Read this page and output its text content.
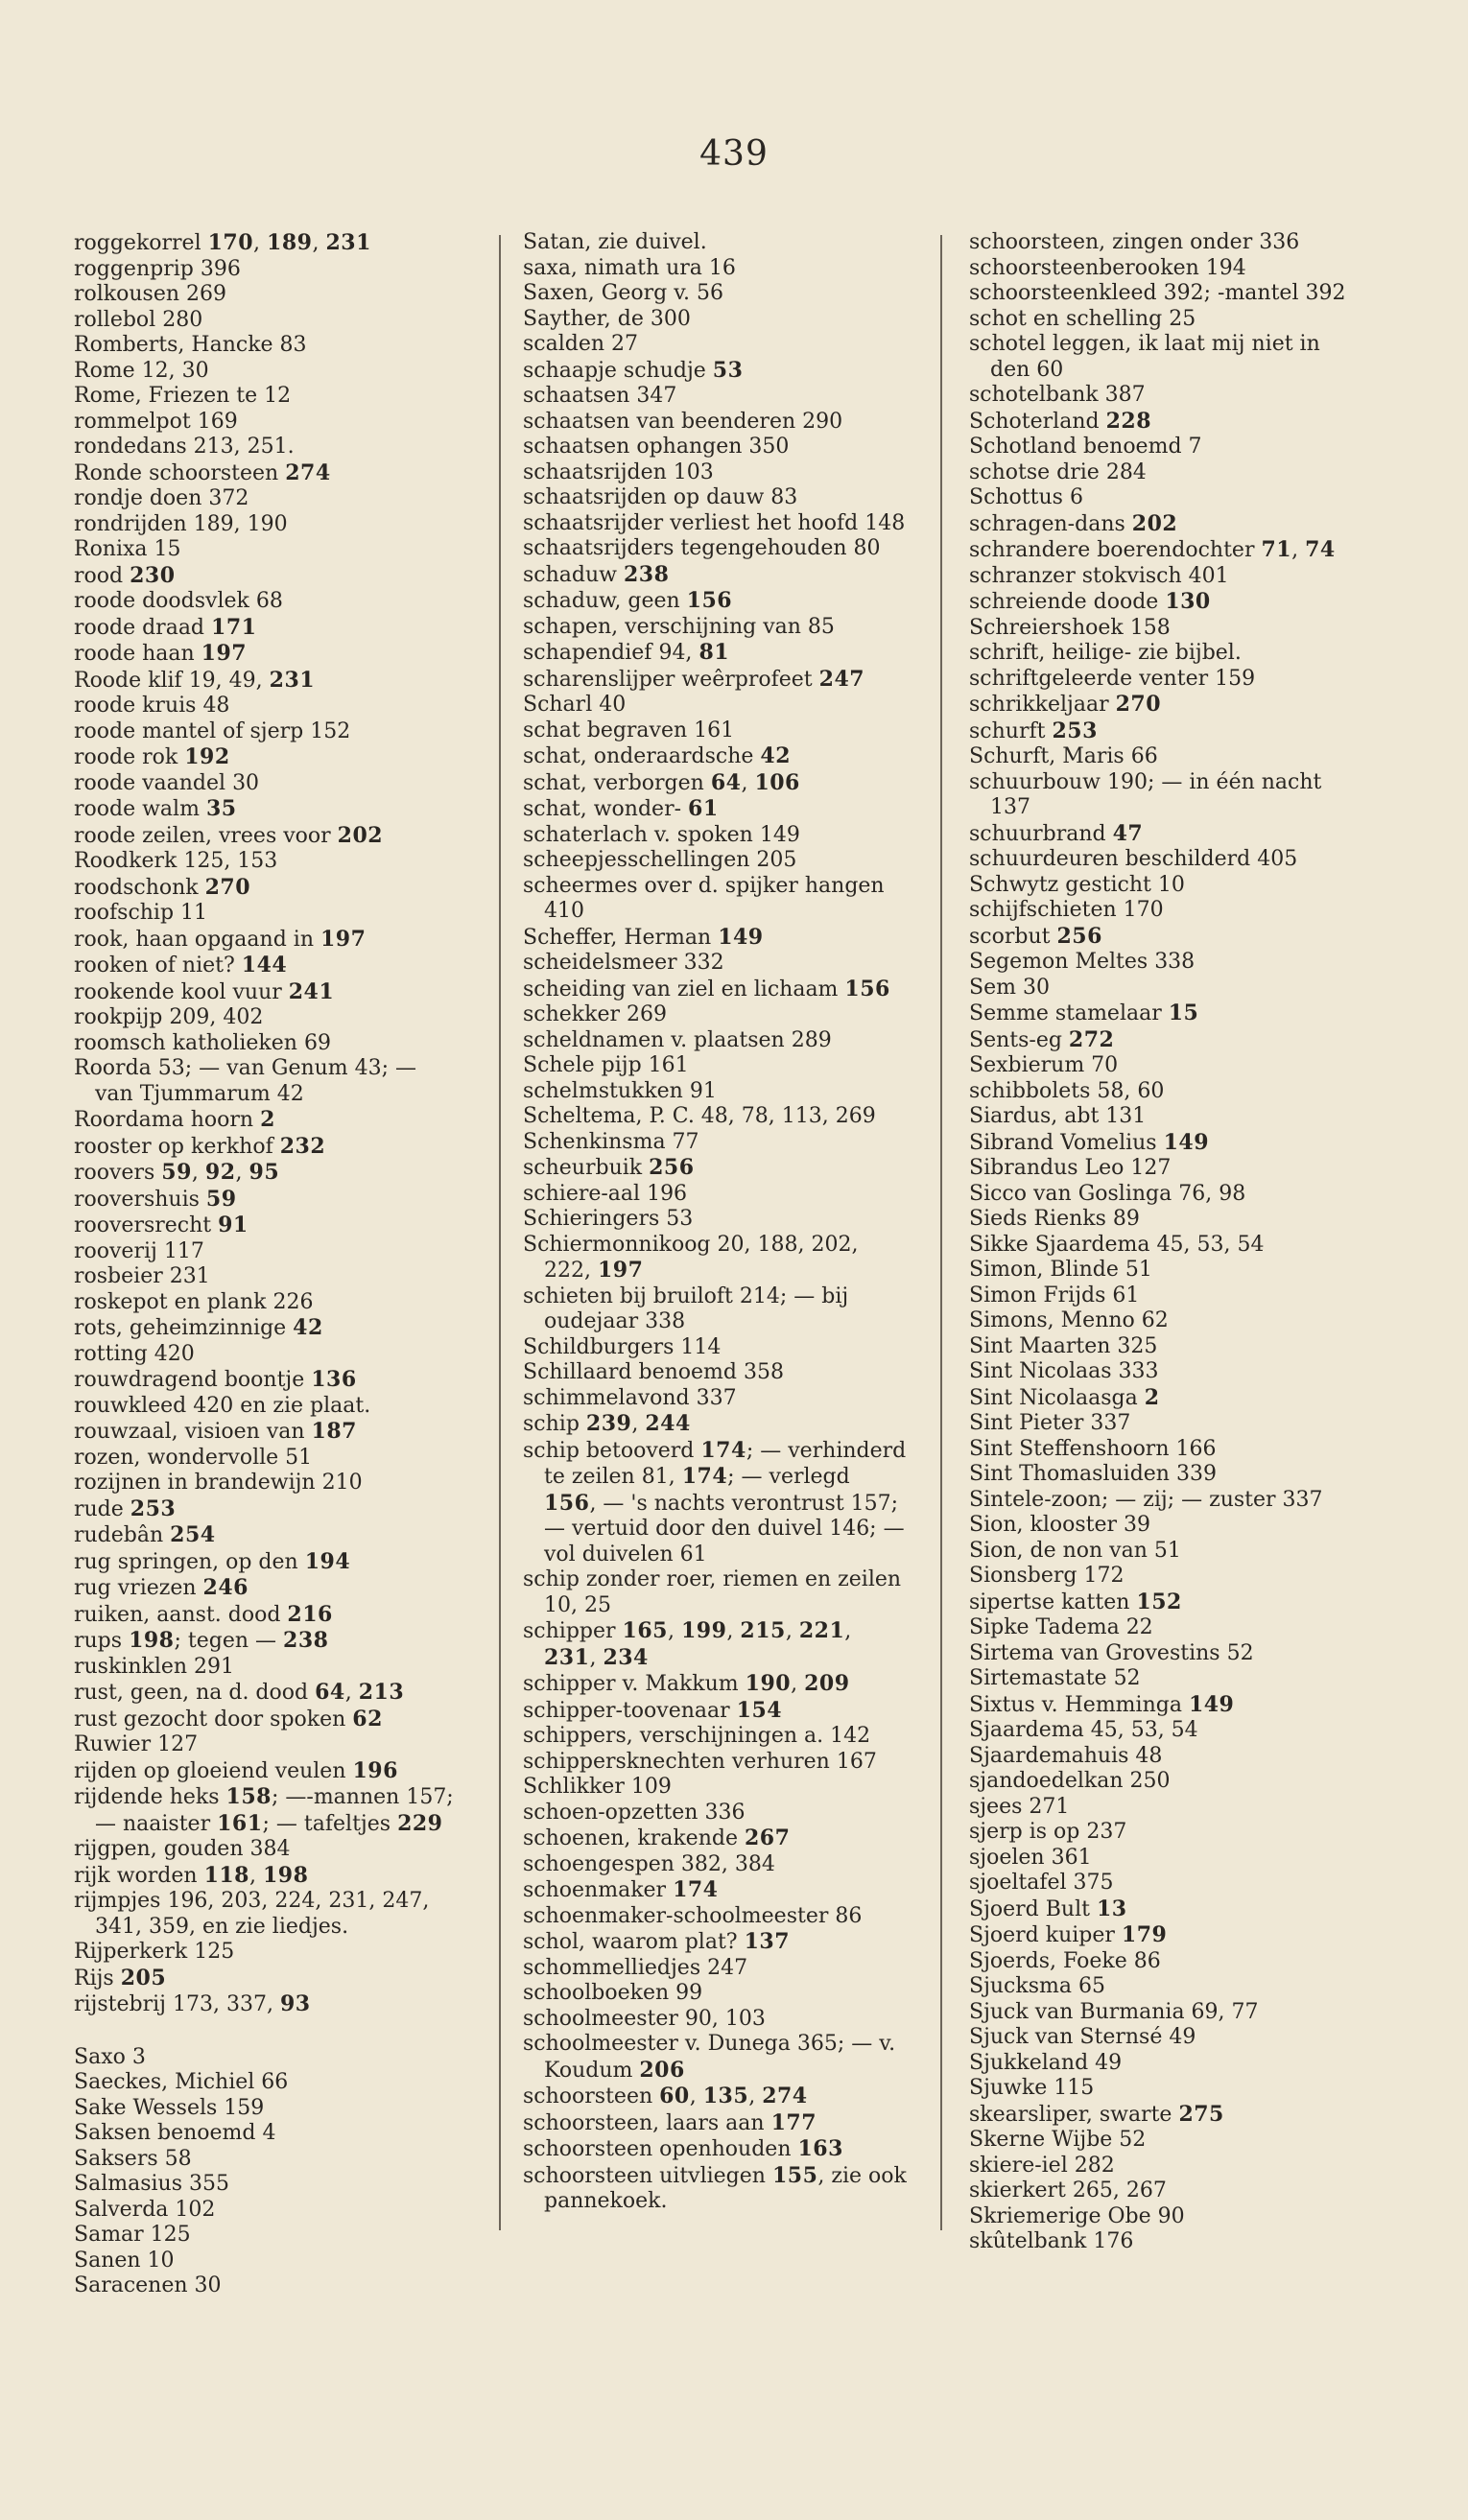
439
roggekorrel 170, 189, 231
roggenprip 396
rolkousen 269
rollebol 280
Romberts, Hancke 83
Rome 12, 30
Rome, Friezen te 12
rommelpot 169
rondedans 213, 251.
Ronde schoorsteen 274
rondje doen 372
rondrijden 189, 190
Ronixa 15
rood 230
roode doodsvlek 68
roode draad 171
roode haan 197
Roode klif 19, 49, 231
roode kruis 48
roode mantel of sjerp 152
roode rok 192
roode vaandel 30
roode walm 35
roode zeilen, vrees voor 202
Roodkerk 125, 153
roodschonk 270
roofschip 11
rook, haan opgaand in 197
rooken of niet? 144
rookende kool vuur 241
rookpijp 209, 402
roomsch katholieken 69
Roorda 53; — van Genum 43; — van Tjummarum 42
Roordama hoorn 2
rooster op kerkhof 232
roovers 59, 92, 95
roovershuis 59
rooversrecht 91
rooverij 117
rosbeier 231
roskepot en plank 226
rots, geheimzinnige 42
rotting 420
rouwdragend boontje 136
rouwkleed 420 en zie plaat.
rouwzaal, visioen van 187
rozen, wondervolle 51
rozijnen in brandewijn 210
rude 253
rudebân 254
rug springen, op den 194
rug vriezen 246
ruiken, aanst. dood 216
rups 198; tegen — 238
ruskinklen 291
rust, geen, na d. dood 64, 213
rust gezocht door spoken 62
Ruwier 127
rijden op gloeiend veulen 196
rijdende heks 158; —-mannen 157; — naaister 161; — tafeltjes 229
rijgpen, gouden 384
rijk worden 118, 198
rijmpjes 196, 203, 224, 231, 247, 341, 359, en zie liedjes.
Rijperkerk 125
Rijs 205
rijstebrij 173, 337, 93
Saxo 3
Saeckes, Michiel 66
Sake Wessels 159
Saksen benoemd 4
Saksers 58
Salmasius 355
Salverda 102
Samar 125
Sanen 10
Saracenen 30
Satan, zie duivel.
saxa, nimath ura 16
Saxen, Georg v. 56
Sayther, de 300
scalden 27
schaapje schudje 53
schaatsen 347
schaatsen van beenderen 290
schaatsen ophangen 350
schaatsrijden 103
schaatsrijden op dauw 83
schaatsrijder verliest het hoofd 148
schaatsrijders tegengehouden 80
schaduw 238
schaduw, geen 156
schapen, verschijning van 85
schapendief 94, 81
scharenslijper weêrprofeet 247
Scharl 40
schat begraven 161
schat, onderaardsche 42
schat, verborgen 64, 106
schat, wonder- 61
schaterlach v. spoken 149
scheepjesschellingen 205
scheermes over d. spijker hangen 410
Scheffer, Herman 149
scheidelsmeer 332
scheiding van ziel en lichaam 156
schekker 269
scheldnamen v. plaatsen 289
Schele pijp 161
schelmstukken 91
Scheltema, P. C. 48, 78, 113, 269
Schenkinsma 77
scheurbuik 256
schiere-aal 196
Schieringers 53
Schiermonnikoog 20, 188, 202, 222, 197
schieten bij bruiloft 214; — bij oudejaar 338
Schildburgers 114
Schillaard benoemd 358
schimmelavond 337
schip 239, 244
schip betooverd 174; — verhinderd te zeilen 81, 174; — verlegd 156, — 's nachts verontrust 157; — vertuid door den duivel 146; — vol duivelen 61
schip zonder roer, riemen en zeilen 10, 25
schipper 165, 199, 215, 221, 231, 234
schipper v. Makkum 190, 209
schipper-toovenaar 154
schippers, verschijningen a. 142
schippersknechten verhuren 167
Schlikker 109
schoen-opzetten 336
schoenen, krakende 267
schoengespen 382, 384
schoenmaker 174
schoenmaker-schoolmeester 86
schol, waarom plat? 137
schommelliedjes 247
schoolboeken 99
schoolmeester 90, 103
schoolmeester v. Dunega 365; — v. Koudum 206
schoorsteen 60, 135, 274
schoorsteen, laars aan 177
schoorsteen openhouden 163
schoorsteen uitvliegen 155, zie ook pannekoek.
schoorsteen, zingen onder 336
schoorsteenberooken 194
schoorsteenkleed 392; -mantel 392
schot en schelling 25
schotel leggen, ik laat mij niet in den 60
schotelbank 387
Schoterland 228
Schotland benoemd 7
schotse drie 284
Schottus 6
schragen-dans 202
schrandere boerendochter 71, 74
schranzer stokvisch 401
schreiende doode 130
Schreiershoek 158
schrift, heilige- zie bijbel.
schriftgeleerde venter 159
schrikkeljaar 270
schurft 253
Schurft, Maris 66
schuurbouw 190; — in één nacht 137
schuurbrand 47
schuurdeuren beschilderd 405
Schwytz gesticht 10
schijfschieten 170
scorbut 256
Segemon Meltes 338
Sem 30
Semme stamelaar 15
Sents-eg 272
Sexbierum 70
schibbolets 58, 60
Siardus, abt 131
Sibrand Vomelius 149
Sibrandus Leo 127
Sicco van Goslinga 76, 98
Sieds Rienks 89
Sikke Sjaardema 45, 53, 54
Simon, Blinde 51
Simon Frijds 61
Simons, Menno 62
Sint Maarten 325
Sint Nicolaas 333
Sint Nicolaasga 2
Sint Pieter 337
Sint Steffenshoorn 166
Sint Thomasluiden 339
Sintele-zoon; — zij; — zuster 337
Sion, klooster 39
Sion, de non van 51
Sionsberg 172
sipertse katten 152
Sipke Tadema 22
Sirtema van Grovestins 52
Sirtemastate 52
Sixtus v. Hemminga 149
Sjaardema 45, 53, 54
Sjaardemahuis 48
sjandoedelkan 250
sjees 271
sjerp is op 237
sjoelen 361
sjoeltafel 375
Sjoerd Bult 13
Sjoerd kuiper 179
Sjoerds, Foeke 86
Sjucksma 65
Sjuck van Burmania 69, 77
Sjuck van Sternsé 49
Sjukkeland 49
Sjuwke 115
skearsliper, swarte 275
Skerne Wijbe 52
skiere-iel 282
skierkert 265, 267
Skriemerige Obe 90
skûtelbank 176
